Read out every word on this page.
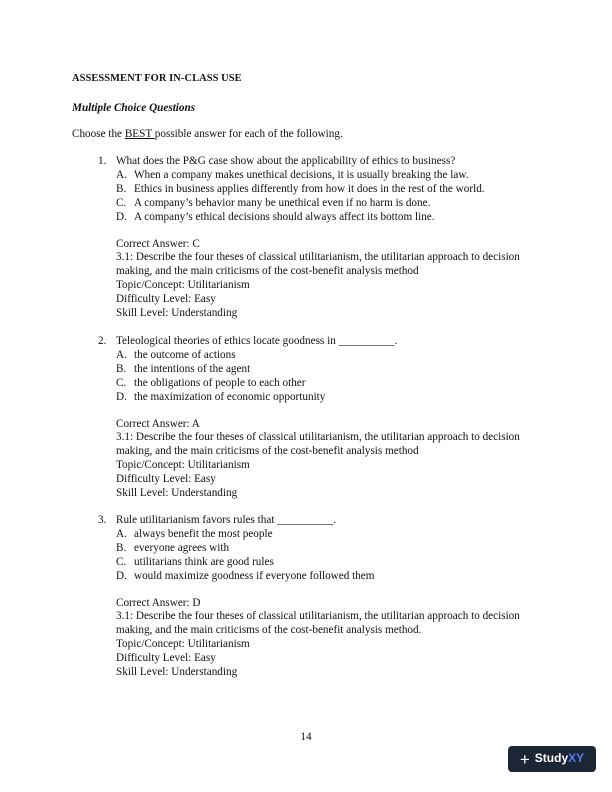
ASSESSMENT FOR IN-CLASS USE
Multiple Choice Questions
Choose the BEST possible answer for each of the following.
1. What does the P&G case show about the applicability of ethics to business?
A. When a company makes unethical decisions, it is usually breaking the law.
B. Ethics in business applies differently from how it does in the rest of the world.
C. A company’s behavior many be unethical even if no harm is done.
D. A company’s ethical decisions should always affect its bottom line.
Correct Answer: C
3.1: Describe the four theses of classical utilitarianism, the utilitarian approach to decision making, and the main criticisms of the cost-benefit analysis method
Topic/Concept: Utilitarianism
Difficulty Level: Easy
Skill Level: Understanding
2. Teleological theories of ethics locate goodness in __________.
A. the outcome of actions
B. the intentions of the agent
C. the obligations of people to each other
D. the maximization of economic opportunity
Correct Answer: A
3.1: Describe the four theses of classical utilitarianism, the utilitarian approach to decision making, and the main criticisms of the cost-benefit analysis method
Topic/Concept: Utilitarianism
Difficulty Level: Easy
Skill Level: Understanding
3. Rule utilitarianism favors rules that __________.
A. always benefit the most people
B. everyone agrees with
C. utilitarians think are good rules
D. would maximize goodness if everyone followed them
Correct Answer: D
3.1: Describe the four theses of classical utilitarianism, the utilitarian approach to decision making, and the main criticisms of the cost-benefit analysis method.
Topic/Concept: Utilitarianism
Difficulty Level: Easy
Skill Level: Understanding
14
+ Study XY
